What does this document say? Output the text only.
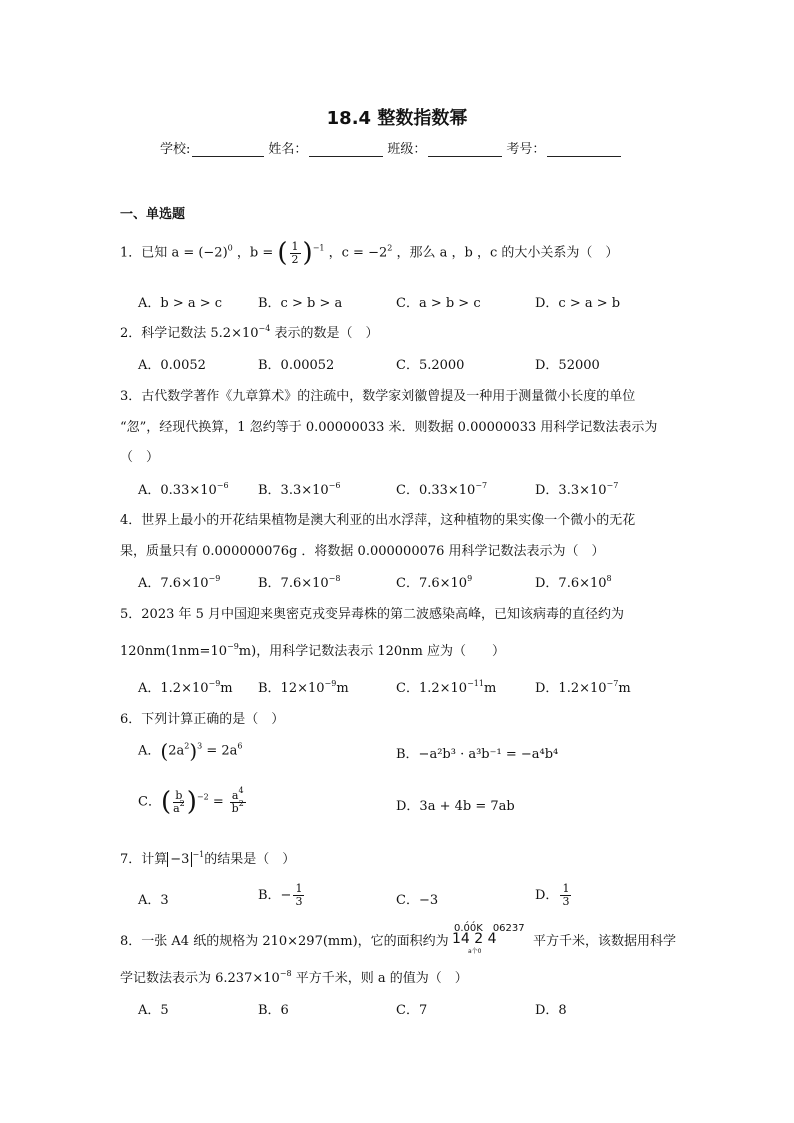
18.4 整数指数幂
学校:	姓名：	班级：	考号：
一、单选题
1．已知 $a = (-2)^0$ ，b = ( $\frac{1}{2} )^{-1}$ ，$c = -2^2$ ，那么 a ，b ，c 的大小关系为（　）
A．b > a > c	B．c > b > a	C．a > b > c	D．c > a > b
2．科学记数法 $5.2\times 10^{-4}$ 表示的数是（　）
A．0.0052	B．0.00052	C．5.2000	D．52000
3．古代数学著作《九章算术》的注疏中，数学家刘徽曾提及一种用于测量微小长度的单位
“忽”，经现代换算，1 忽约等于 0.00000033 米．则数据 0.00000033 用科学记数法表示为
（　）
A．$0.33\times 10^{-6}$ B．$3.3\times 10^{-6}$	C．$0.33\times 10^{-7}$	D．$3.3\times 10^{-7}$
4．世界上最小的开花结果植物是澳大利亚的出水浮萍，这种植物的果实像一个微小的无花
果，质量只有 0.000000076g ．将数据 0.000000076 用科学记数法表示为（　）
A．$7.6\times 10^{-9}$	B．$7.6\times 10^{-8}$	C．$7.6\times 10^9$	D．$7.6\times 10^8$
5．2023 年 5 月中国迎来奥密克戎变异毒株的第二波感染高峰，已知该病毒的直径约为
$120nm(1nm=10^{-9}m)$，用科学记数法表示 120nm 应为（　　）
A．$1.2\times 10^{-9}m$ B．$12\times 10^{-9}m$	C．$1.2\times 10^{-11}m$	D．$1.2\times 10^{-7}m$
6．下列计算正确的是（　）
A．$(2a^2)^3 = 2a^6$
B．−a²b³ · a³b⁻¹ = −a⁴b⁴
C．( $\frac{b}{a^2} )^{-2} = \frac{a^4}{b^2}$	D．3a + 4b = 7ab
7．计算 −3 $^{-1}$的结果是（　）
A．3	B．− $\frac{1}{3}$	C．−3	D． $\frac{1}{3}$
8．一张 A4 纸的规格为 210×297(mm)，它的面积约为
0.0́0́K　06237
14 2 4
a个0
平方千米，该数据用科学
学记数法表示为 $6.237\times 10^{-8}$ 平方千米，则 a 的值为（　）
A．5	B．6	C．7	D．8
